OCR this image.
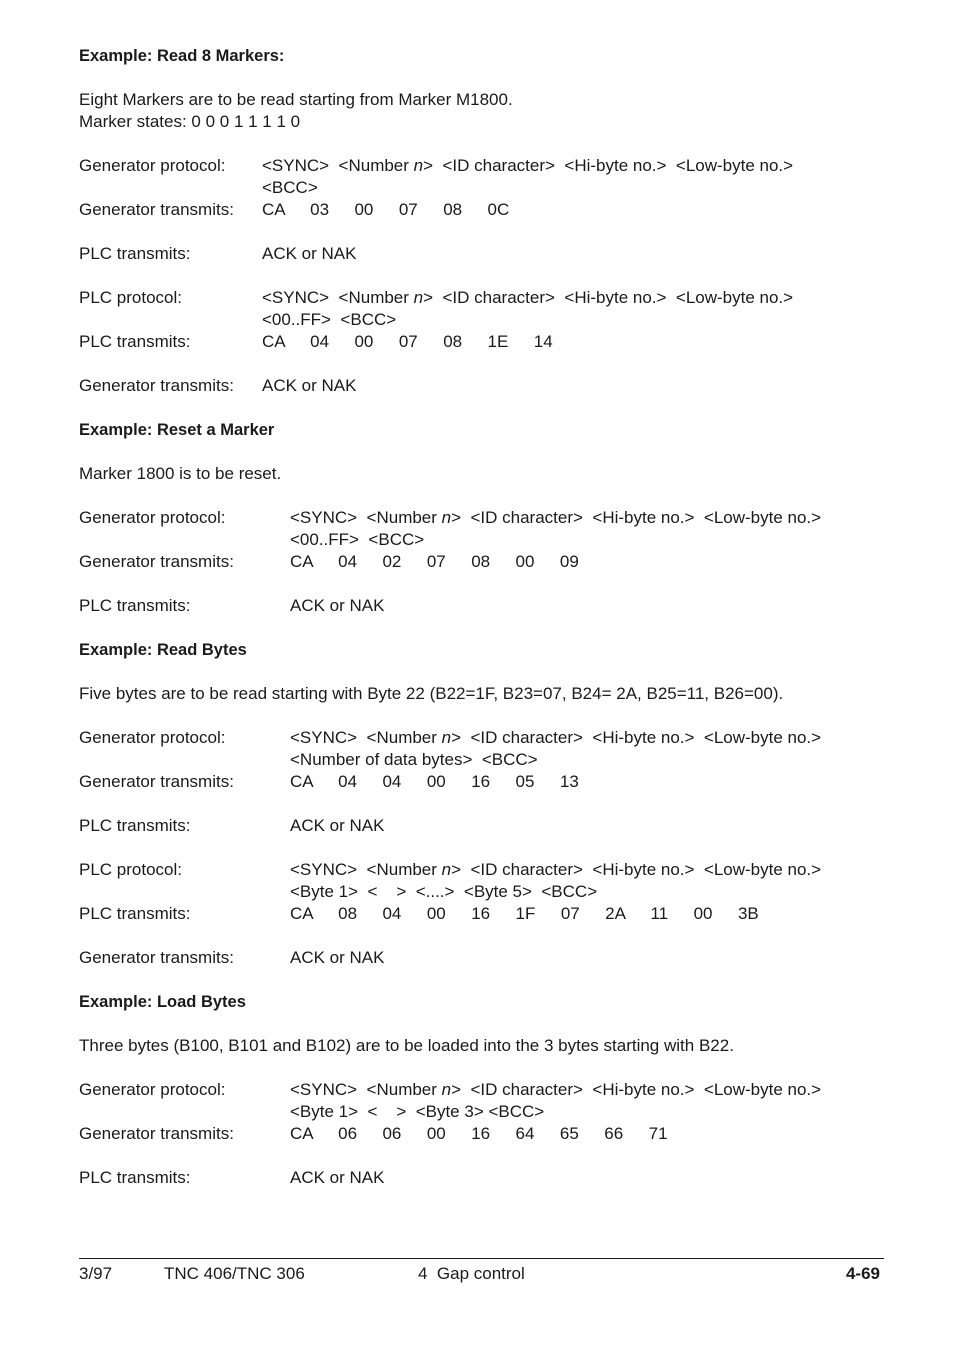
Example: Read 8 Markers:

Eight Markers are to be read starting from Marker M1800.

Marker states: 0 0 0 1 1 1 1 0

Generator protocol:	<SYNC>  <Number n>  <ID character>  <Hi-byte no.>  <Low-byte no.>
<BCC>
Generator transmits:	CA  03  00  07  08  0C
PLC transmits:	ACK or NAK
PLC protocol:	<SYNC>  <Number n>  <ID character>  <Hi-byte no.>  <Low-byte no.>
<00..FF>  <BCC>
PLC transmits:	CA  04  00  07  08  1E  14
Generator transmits:	ACK or NAK

Example: Reset a Marker

Marker 1800 is to be reset.

Generator protocol:	<SYNC>  <Number n>  <ID character>  <Hi-byte no.>  <Low-byte no.>
<00..FF>  <BCC>
Generator transmits:	CA  04  02  07  08  00  09
PLC transmits:	ACK or NAK

Example: Read Bytes

Five bytes are to be read starting with Byte 22 (B22=1F, B23=07, B24= 2A, B25=11, B26=00).

Generator protocol:	<SYNC>  <Number n>  <ID character>  <Hi-byte no.>  <Low-byte no.>
<Number of data bytes>  <BCC>
Generator transmits:	CA  04  04  00  16  05  13
PLC transmits:	ACK or NAK
PLC protocol:	<SYNC>  <Number n>  <ID character>  <Hi-byte no.>  <Low-byte no.>
<Byte 1>  <    >  <....>  <Byte 5>  <BCC>
PLC transmits:	CA  08  04  00  16  1F  07  2A  11  00  3B
Generator transmits:	ACK or NAK

Example: Load Bytes

Three bytes (B100, B101 and B102) are to be loaded into the 3 bytes starting with B22.

Generator protocol:	<SYNC>  <Number n>  <ID character>  <Hi-byte no.>  <Low-byte no.>
<Byte 1>  <    >  <Byte 3> <BCC>
Generator transmits:	CA  06  06  00  16  64  65  66  71
PLC transmits:	ACK or NAK
3/97	TNC 406/TNC 306	4  Gap control	4-69
